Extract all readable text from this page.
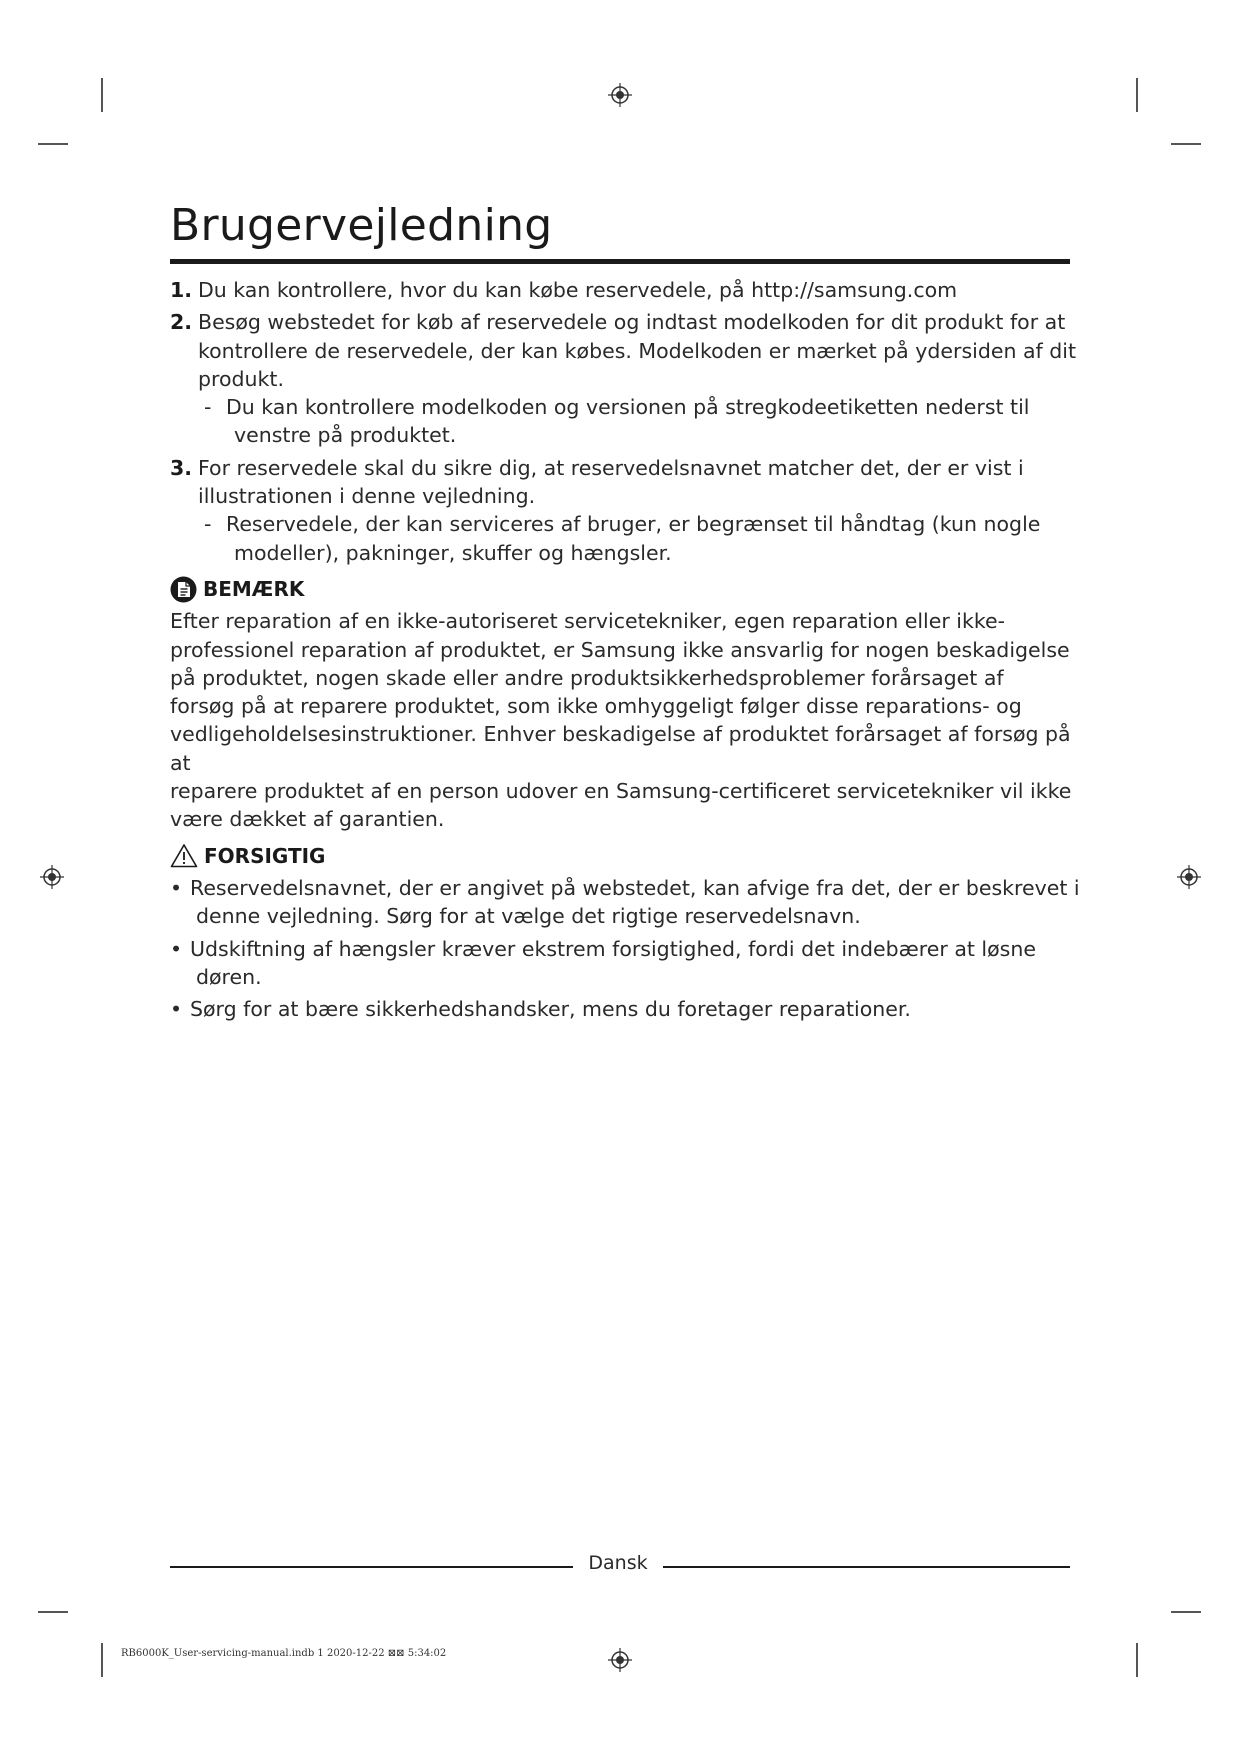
Brugervejledning
1. Du kan kontrollere, hvor du kan købe reservedele, på http://samsung.com
2. Besøg webstedet for køb af reservedele og indtast modelkoden for dit produkt for at
kontrollere de reservedele, der kan købes. Modelkoden er mærket på ydersiden af dit
produkt.
- Du kan kontrollere modelkoden og versionen på stregkodeetiketten nederst til
venstre på produktet.
3. For reservedele skal du sikre dig, at reservedelsnavnet matcher det, der er vist i
illustrationen i denne vejledning.
- Reservedele, der kan serviceres af bruger, er begrænset til håndtag (kun nogle
modeller), pakninger, skuffer og hængsler.
BEMÆRK
Efter reparation af en ikke-autoriseret servicetekniker, egen reparation eller ikke-
professionel reparation af produktet, er Samsung ikke ansvarlig for nogen beskadigelse
på produktet, nogen skade eller andre produktsikkerhedsproblemer forårsaget af
forsøg på at reparere produktet, som ikke omhyggeligt følger disse reparations- og
vedligeholdelsesinstruktioner. Enhver beskadigelse af produktet forårsaget af forsøg på at
reparere produktet af en person udover en Samsung-certificeret servicetekniker vil ikke
være dækket af garantien.
FORSIGTIG
• Reservedelsnavnet, der er angivet på webstedet, kan afvige fra det, der er beskrevet i
denne vejledning. Sørg for at vælge det rigtige reservedelsnavn.
• Udskiftning af hængsler kræver ekstrem forsigtighed, fordi det indebærer at løsne
døren.
• Sørg for at bære sikkerhedshandsker, mens du foretager reparationer.
Dansk
RB6000K_User-servicing-manual.indb 1 2020-12-22 ⊠⊠ 5:34:02
